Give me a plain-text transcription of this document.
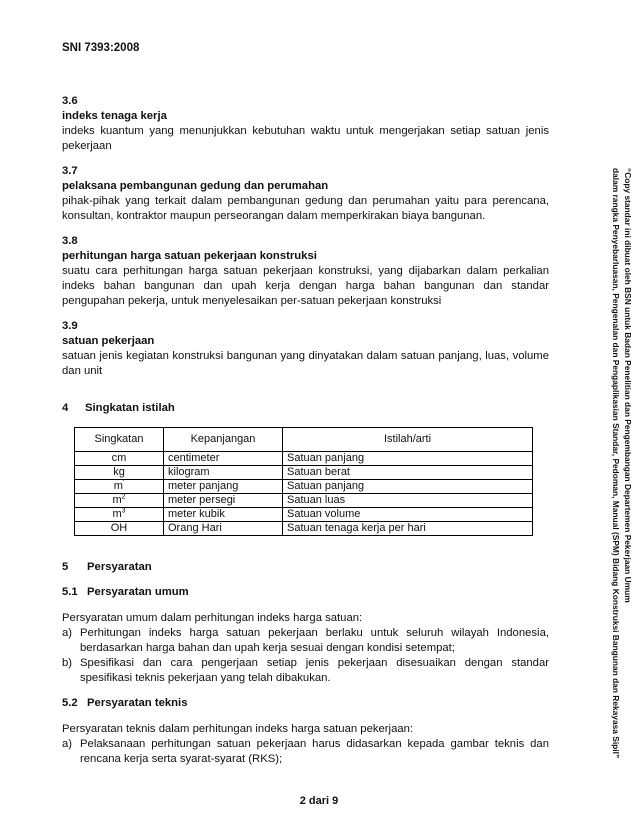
SNI 7393:2008
3.6
indeks tenaga kerja

indeks kuantum yang menunjukkan kebutuhan waktu untuk mengerjakan setiap satuan jenis pekerjaan

3.7
pelaksana pembangunan gedung dan perumahan

pihak-pihak yang terkait dalam pembangunan gedung dan perumahan yaitu para perencana, konsultan, kontraktor maupun perseorangan dalam memperkirakan biaya bangunan.

3.8
perhitungan harga satuan pekerjaan konstruksi

suatu cara perhitungan harga satuan pekerjaan konstruksi, yang dijabarkan dalam perkalian indeks bahan bangunan dan upah kerja dengan harga bahan bangunan dan standar pengupahan pekerja, untuk menyelesaikan per-satuan pekerjaan konstruksi

3.9
satuan pekerjaan

satuan jenis kegiatan konstruksi bangunan yang dinyatakan dalam satuan panjang, luas, volume dan unit

4 Singkatan istilah
Singkatan	Kepanjangan	Istilah/arti
cm	centimeter	Satuan panjang
kg	kilogram	Satuan berat
m'	meter panjang	Satuan panjang
$m^2$	meter persegi	Satuan luas
$m^3$	meter kubik	Satuan volume
OH	Orang Hari	Satuan tenaga kerja per hari
5 Persyaratan
5.1 Persyaratan umum
Persyaratan umum dalam perhitungan indeks harga satuan:
a) Perhitungan indeks harga satuan pekerjaan berlaku untuk seluruh wilayah Indonesia, berdasarkan harga bahan dan upah kerja sesuai dengan kondisi setempat;
b) Spesifikasi dan cara pengerjaan setiap jenis pekerjaan disesuaikan dengan standar spesifikasi teknis pekerjaan yang telah dibakukan.
5.2 Persyaratan teknis
Persyaratan teknis dalam perhitungan indeks harga satuan pekerjaan:
a) Pelaksanaan perhitungan satuan pekerjaan harus didasarkan kepada gambar teknis dan rencana kerja serta syarat-syarat (RKS);
2 dari 9
“Copy standar ini dibuat oleh BSN untuk Badan Penelitian dan Pengembangan Departemen Pekerjaan Umum
dalam rangka Penyebarluasan, Pengenalan dan Pengaplikasian Standar, Pedoman, Manual (SPM) Bidang Konstruksi Bangunan dan Rekayasa Sipil”
